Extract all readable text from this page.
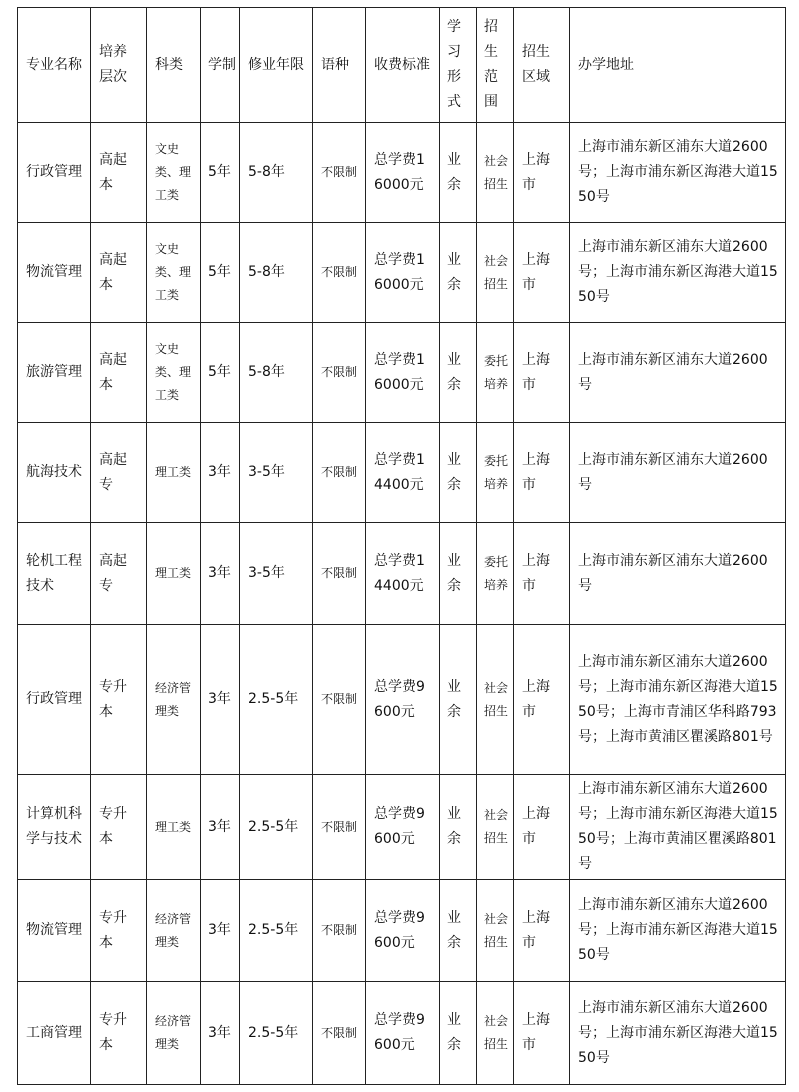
专业名称	培养层次	科类	学制	修业年限	语种	收费标准	学习形式	招生范围	招生区域	办学地址
行政管理	高起本	文史类、理工类	5年	5-8年	不限制	总学费16000元	业余	社会招生	上海市	上海市浦东新区浦东大道2600号；上海市浦东新区海港大道1550号
物流管理	高起本	文史类、理工类	5年	5-8年	不限制	总学费16000元	业余	社会招生	上海市	上海市浦东新区浦东大道2600号；上海市浦东新区海港大道1550号
旅游管理	高起本	文史类、理工类	5年	5-8年	不限制	总学费16000元	业余	委托培养	上海市	上海市浦东新区浦东大道2600号
航海技术	高起专	理工类	3年	3-5年	不限制	总学费14400元	业余	委托培养	上海市	上海市浦东新区浦东大道2600号
轮机工程技术	高起专	理工类	3年	3-5年	不限制	总学费14400元	业余	委托培养	上海市	上海市浦东新区浦东大道2600号
行政管理	专升本	经济管理类	3年	2.5-5年	不限制	总学费9600元	业余	社会招生	上海市	上海市浦东新区浦东大道2600号；上海市浦东新区海港大道1550号；上海市青浦区华科路793号；上海市黄浦区瞿溪路801号
计算机科学与技术	专升本	理工类	3年	2.5-5年	不限制	总学费9600元	业余	社会招生	上海市	上海市浦东新区浦东大道2600号；上海市浦东新区海港大道1550号；上海市黄浦区瞿溪路801号
物流管理	专升本	经济管理类	3年	2.5-5年	不限制	总学费9600元	业余	社会招生	上海市	上海市浦东新区浦东大道2600号；上海市浦东新区海港大道1550号
工商管理	专升本	经济管理类	3年	2.5-5年	不限制	总学费9600元	业余	社会招生	上海市	上海市浦东新区浦东大道2600号；上海市浦东新区海港大道1550号
